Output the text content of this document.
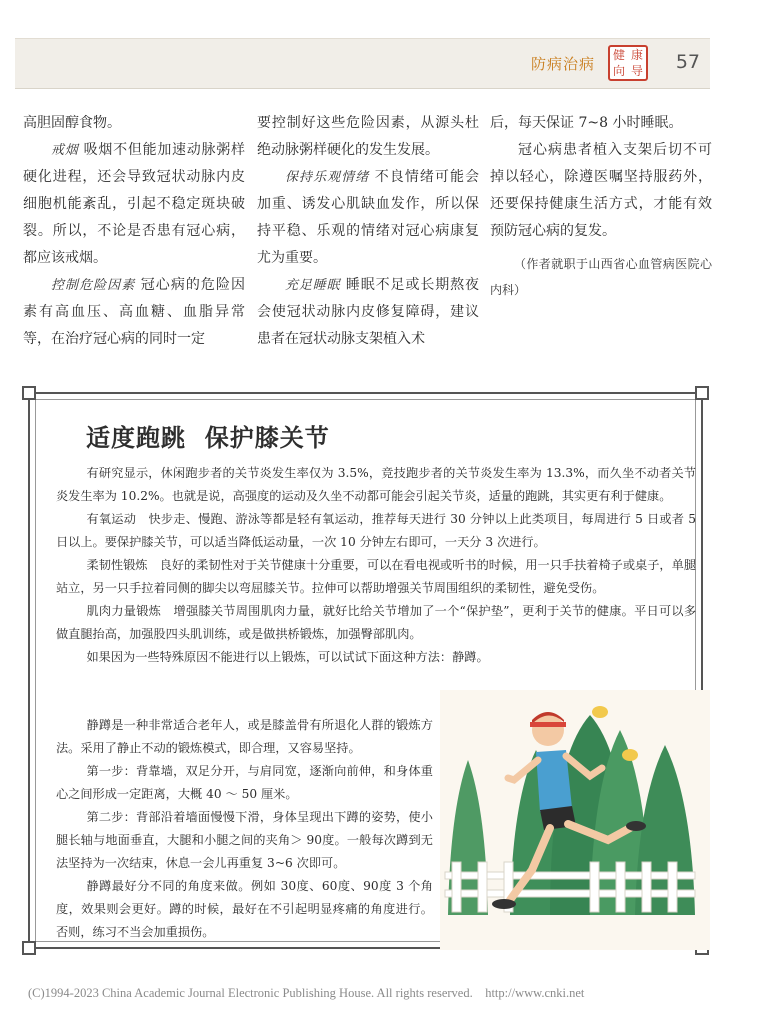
防病治病 健 康
向 导 57

高胆固醇食物。

戒烟 吸烟不但能加速动脉粥样硬化进程，还会导致冠状动脉内皮细胞机能紊乱，引起不稳定斑块破裂。所以，不论是否患有冠心病，都应该戒烟。

控制危险因素 冠心病的危险因素有高血压、高血糖、血脂异常等，在治疗冠心病的同时一定

要控制好这些危险因素，从源头杜绝动脉粥样硬化的发生发展。

保持乐观情绪 不良情绪可能会加重、诱发心肌缺血发作，所以保持平稳、乐观的情绪对冠心病康复尤为重要。

充足睡眠 睡眠不足或长期熬夜会使冠状动脉内皮修复障碍，建议患者在冠状动脉支架植入术

后，每天保证 7~8 小时睡眠。

冠心病患者植入支架后切不可掉以轻心，除遵医嘱坚持服药外，还要保持健康生活方式，才能有效预防冠心病的复发。

（作者就职于山西省心血管病医院心内科）

适度跑跳  保护膝关节

有研究显示，休闲跑步者的关节炎发生率仅为 3.5%，竞技跑步者的关节炎发生率为 13.3%，而久坐不动者关节炎发生率为 10.2%。也就是说，高强度的运动及久坐不动都可能会引起关节炎，适量的跑跳，其实更有利于健康。

有氧运动　快步走、慢跑、游泳等都是轻有氧运动，推荐每天进行 30 分钟以上此类项目，每周进行 5 日或者 5 日以上。要保护膝关节，可以适当降低运动量，一次 10 分钟左右即可，一天分 3 次进行。

柔韧性锻炼　良好的柔韧性对于关节健康十分重要，可以在看电视或听书的时候，用一只手扶着椅子或桌子，单腿站立，另一只手拉着同侧的脚尖以弯屈膝关节。拉伸可以帮助增强关节周围组织的柔韧性，避免受伤。

肌肉力量锻炼　增强膝关节周围肌肉力量，就好比给关节增加了一个“保护垫”，更利于关节的健康。平日可以多做直腿抬高，加强股四头肌训练，或是做拱桥锻炼，加强臀部肌肉。

如果因为一些特殊原因不能进行以上锻炼，可以试试下面这种方法：静蹲。

静蹲是一种非常适合老年人，或是膝盖骨有所退化人群的锻炼方法。采用了静止不动的锻炼模式，即合理，又容易坚持。

第一步：背靠墙，双足分开，与肩同宽，逐渐向前伸，和身体重心之间形成一定距离，大概 40 ～ 50 厘米。

第二步：背部沿着墙面慢慢下滑，身体呈现出下蹲的姿势，使小腿长轴与地面垂直，大腿和小腿之间的夹角＞ 90度。一般每次蹲到无法坚持为一次结束，休息一会儿再重复 3~6 次即可。

静蹲最好分不同的角度来做。例如 30度、60度、90度 3 个角度，效果则会更好。蹲的时候，最好在不引起明显疼痛的角度进行。否则，练习不当会加重损伤。

(C)1994-2023 China Academic Journal Electronic Publishing House. All rights reserved.    http://www.cnki.net
